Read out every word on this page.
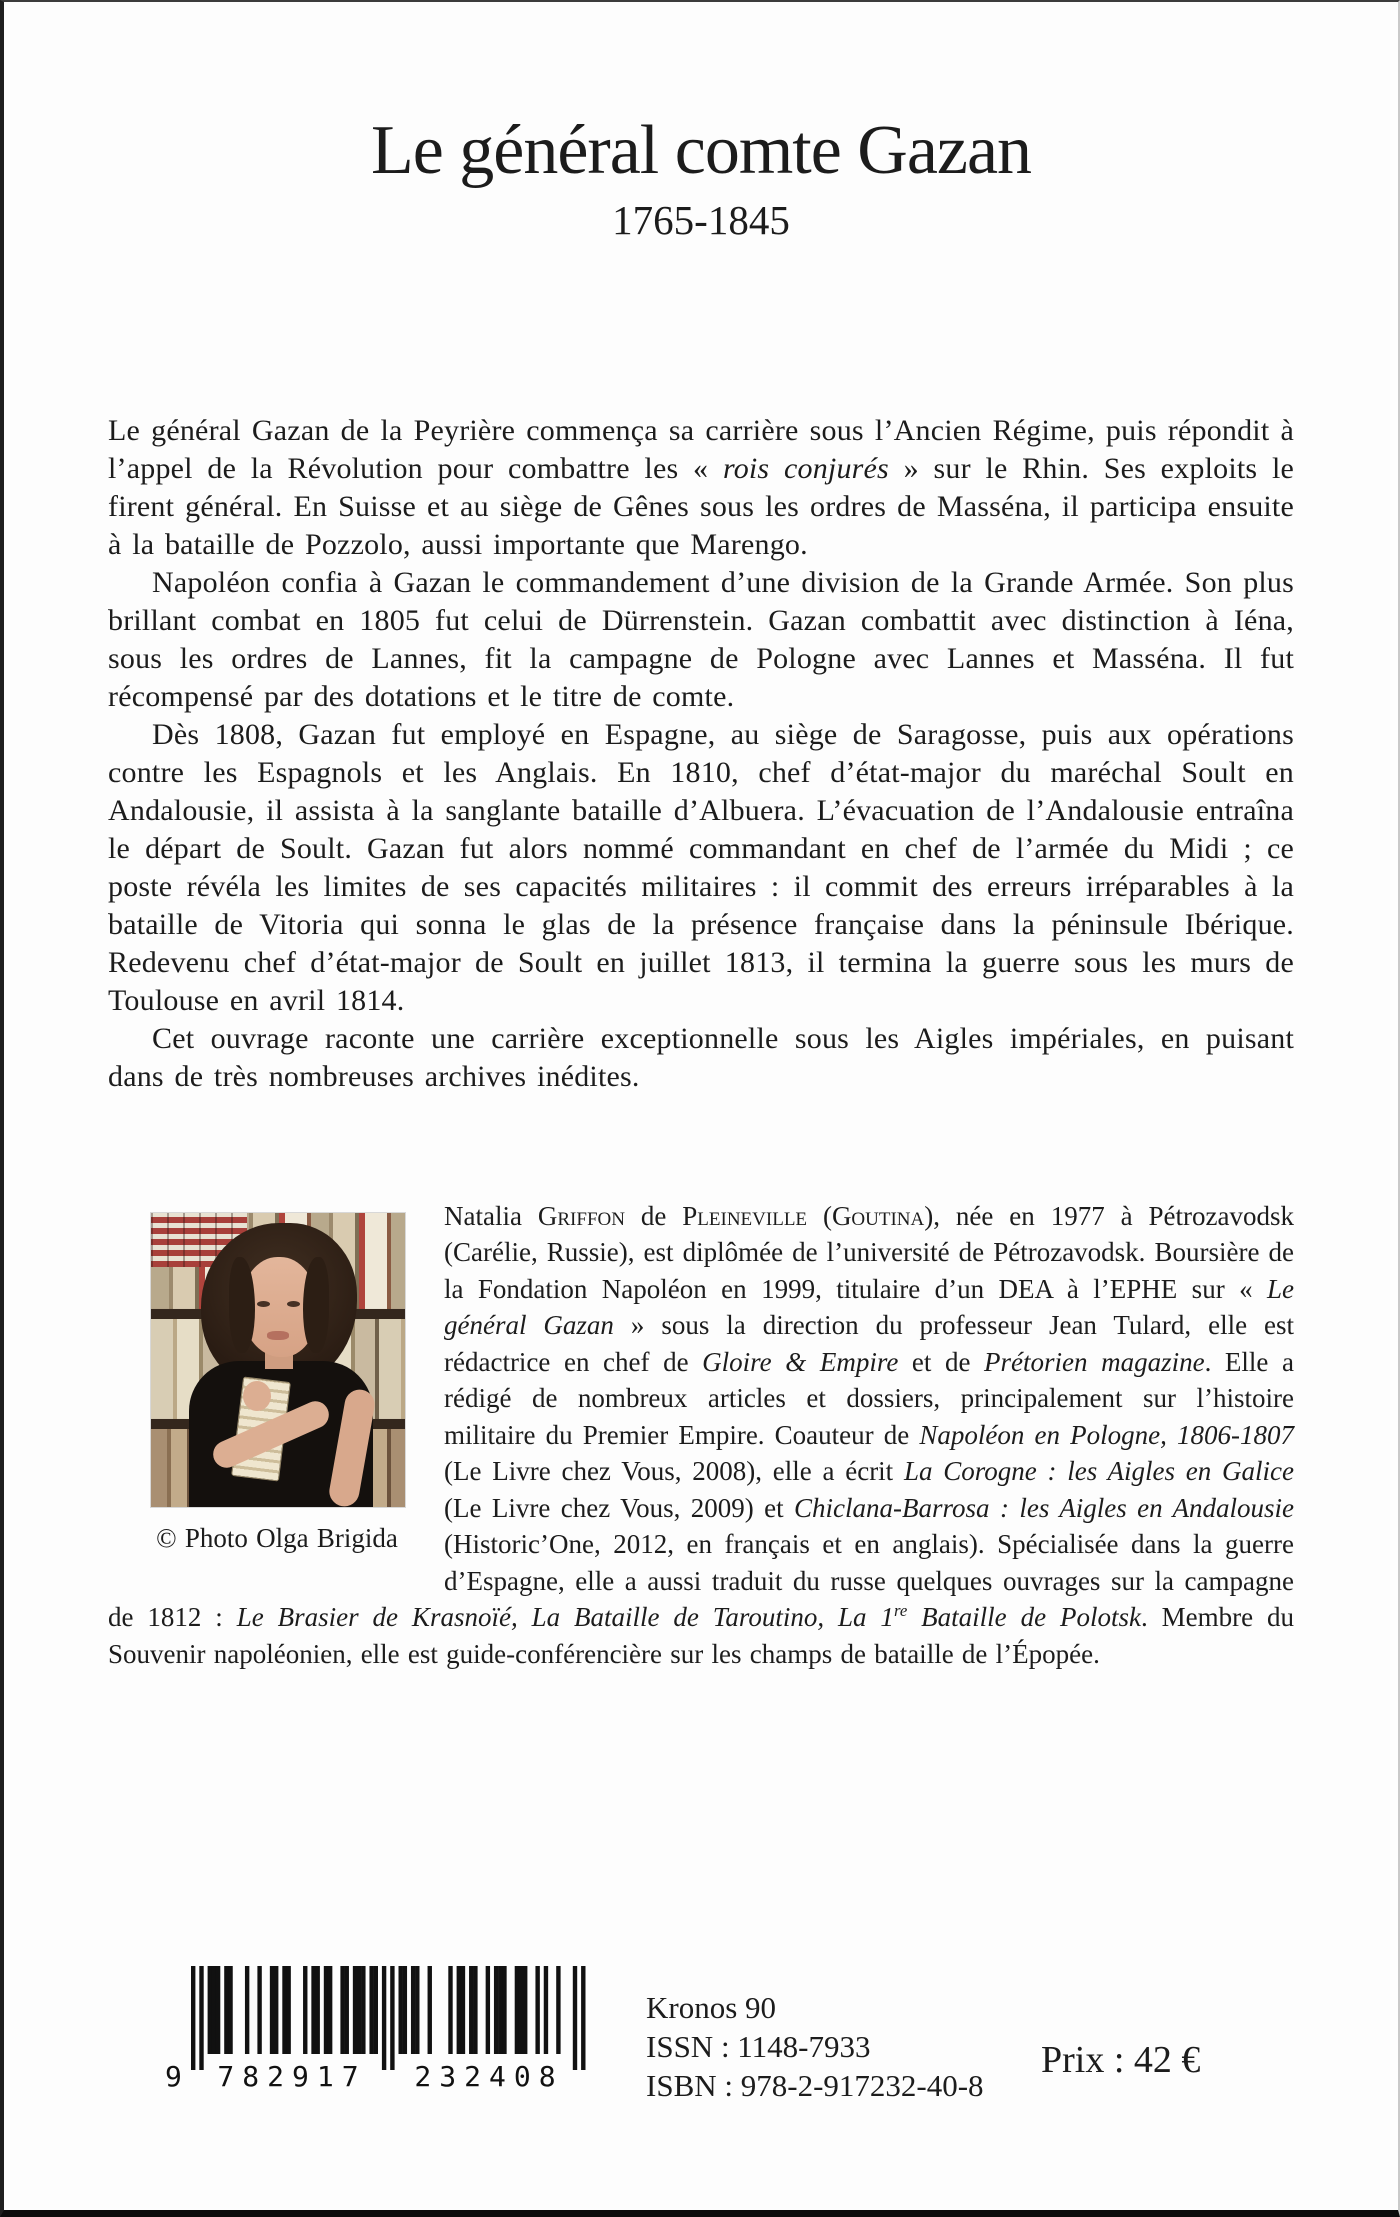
Le général comte Gazan
1765-1845

Le général Gazan de la Peyrière commença sa carrière sous l’Ancien Régime, puis répondit à l’appel de la Révolution pour combattre les « rois conjurés » sur le Rhin. Ses exploits le firent général. En Suisse et au siège de Gênes sous les ordres de Masséna, il participa ensuite à la bataille de Pozzolo, aussi importante que Marengo.

Napoléon confia à Gazan le commandement d’une division de la Grande Armée. Son plus brillant combat en 1805 fut celui de Dürrenstein. Gazan combattit avec distinction à Iéna, sous les ordres de Lannes, fit la campagne de Pologne avec Lannes et Masséna. Il fut récompensé par des dotations et le titre de comte.

Dès 1808, Gazan fut employé en Espagne, au siège de Saragosse, puis aux opérations contre les Espagnols et les Anglais. En 1810, chef d’état-major du maréchal Soult en Andalousie, il assista à la sanglante bataille d’Albuera. L’évacuation de l’Andalousie entraîna le départ de Soult. Gazan fut alors nommé commandant en chef de l’armée du Midi ; ce poste révéla les limites de ses capacités militaires : il commit des erreurs irréparables à la bataille de Vitoria qui sonna le glas de la présence française dans la péninsule Ibérique. Redevenu chef d’état-major de Soult en juillet 1813, il termina la guerre sous les murs de Toulouse en avril 1814.

Cet ouvrage raconte une carrière exceptionnelle sous les Aigles impériales, en puisant dans de très nombreuses archives inédites.

© Photo Olga Brigida

Natalia Griffon de Pleineville (Goutina), née en 1977 à Pétrozavodsk (Carélie, Russie), est diplômée de l’université de Pétrozavodsk. Boursière de la Fondation Napoléon en 1999, titulaire d’un DEA à l’EPHE sur « Le général Gazan » sous la direction du professeur Jean Tulard, elle est rédactrice en chef de Gloire & Empire et de Prétorien magazine. Elle a rédigé de nombreux articles et dossiers, principalement sur l’histoire militaire du Premier Empire. Coauteur de Napoléon en Pologne, 1806-1807 (Le Livre chez Vous, 2008), elle a écrit La Corogne : les Aigles en Galice (Le Livre chez Vous, 2009) et Chiclana-Barrosa : les Aigles en Andalousie (Historic’One, 2012, en français et en anglais). Spécialisée dans la guerre d’Espagne, elle a aussi traduit du russe quelques ouvrages sur la campagne de 1812 : Le Brasier de Krasnoïé, La Bataille de Taroutino, La 1re Bataille de Polotsk. Membre du Souvenir napoléonien, elle est guide-conférencière sur les champs de bataille de l’Épopée.

9 782917 232408
Kronos 90
ISSN : 1148-7933
ISBN : 978-2-917232-40-8
Prix : 42 €
